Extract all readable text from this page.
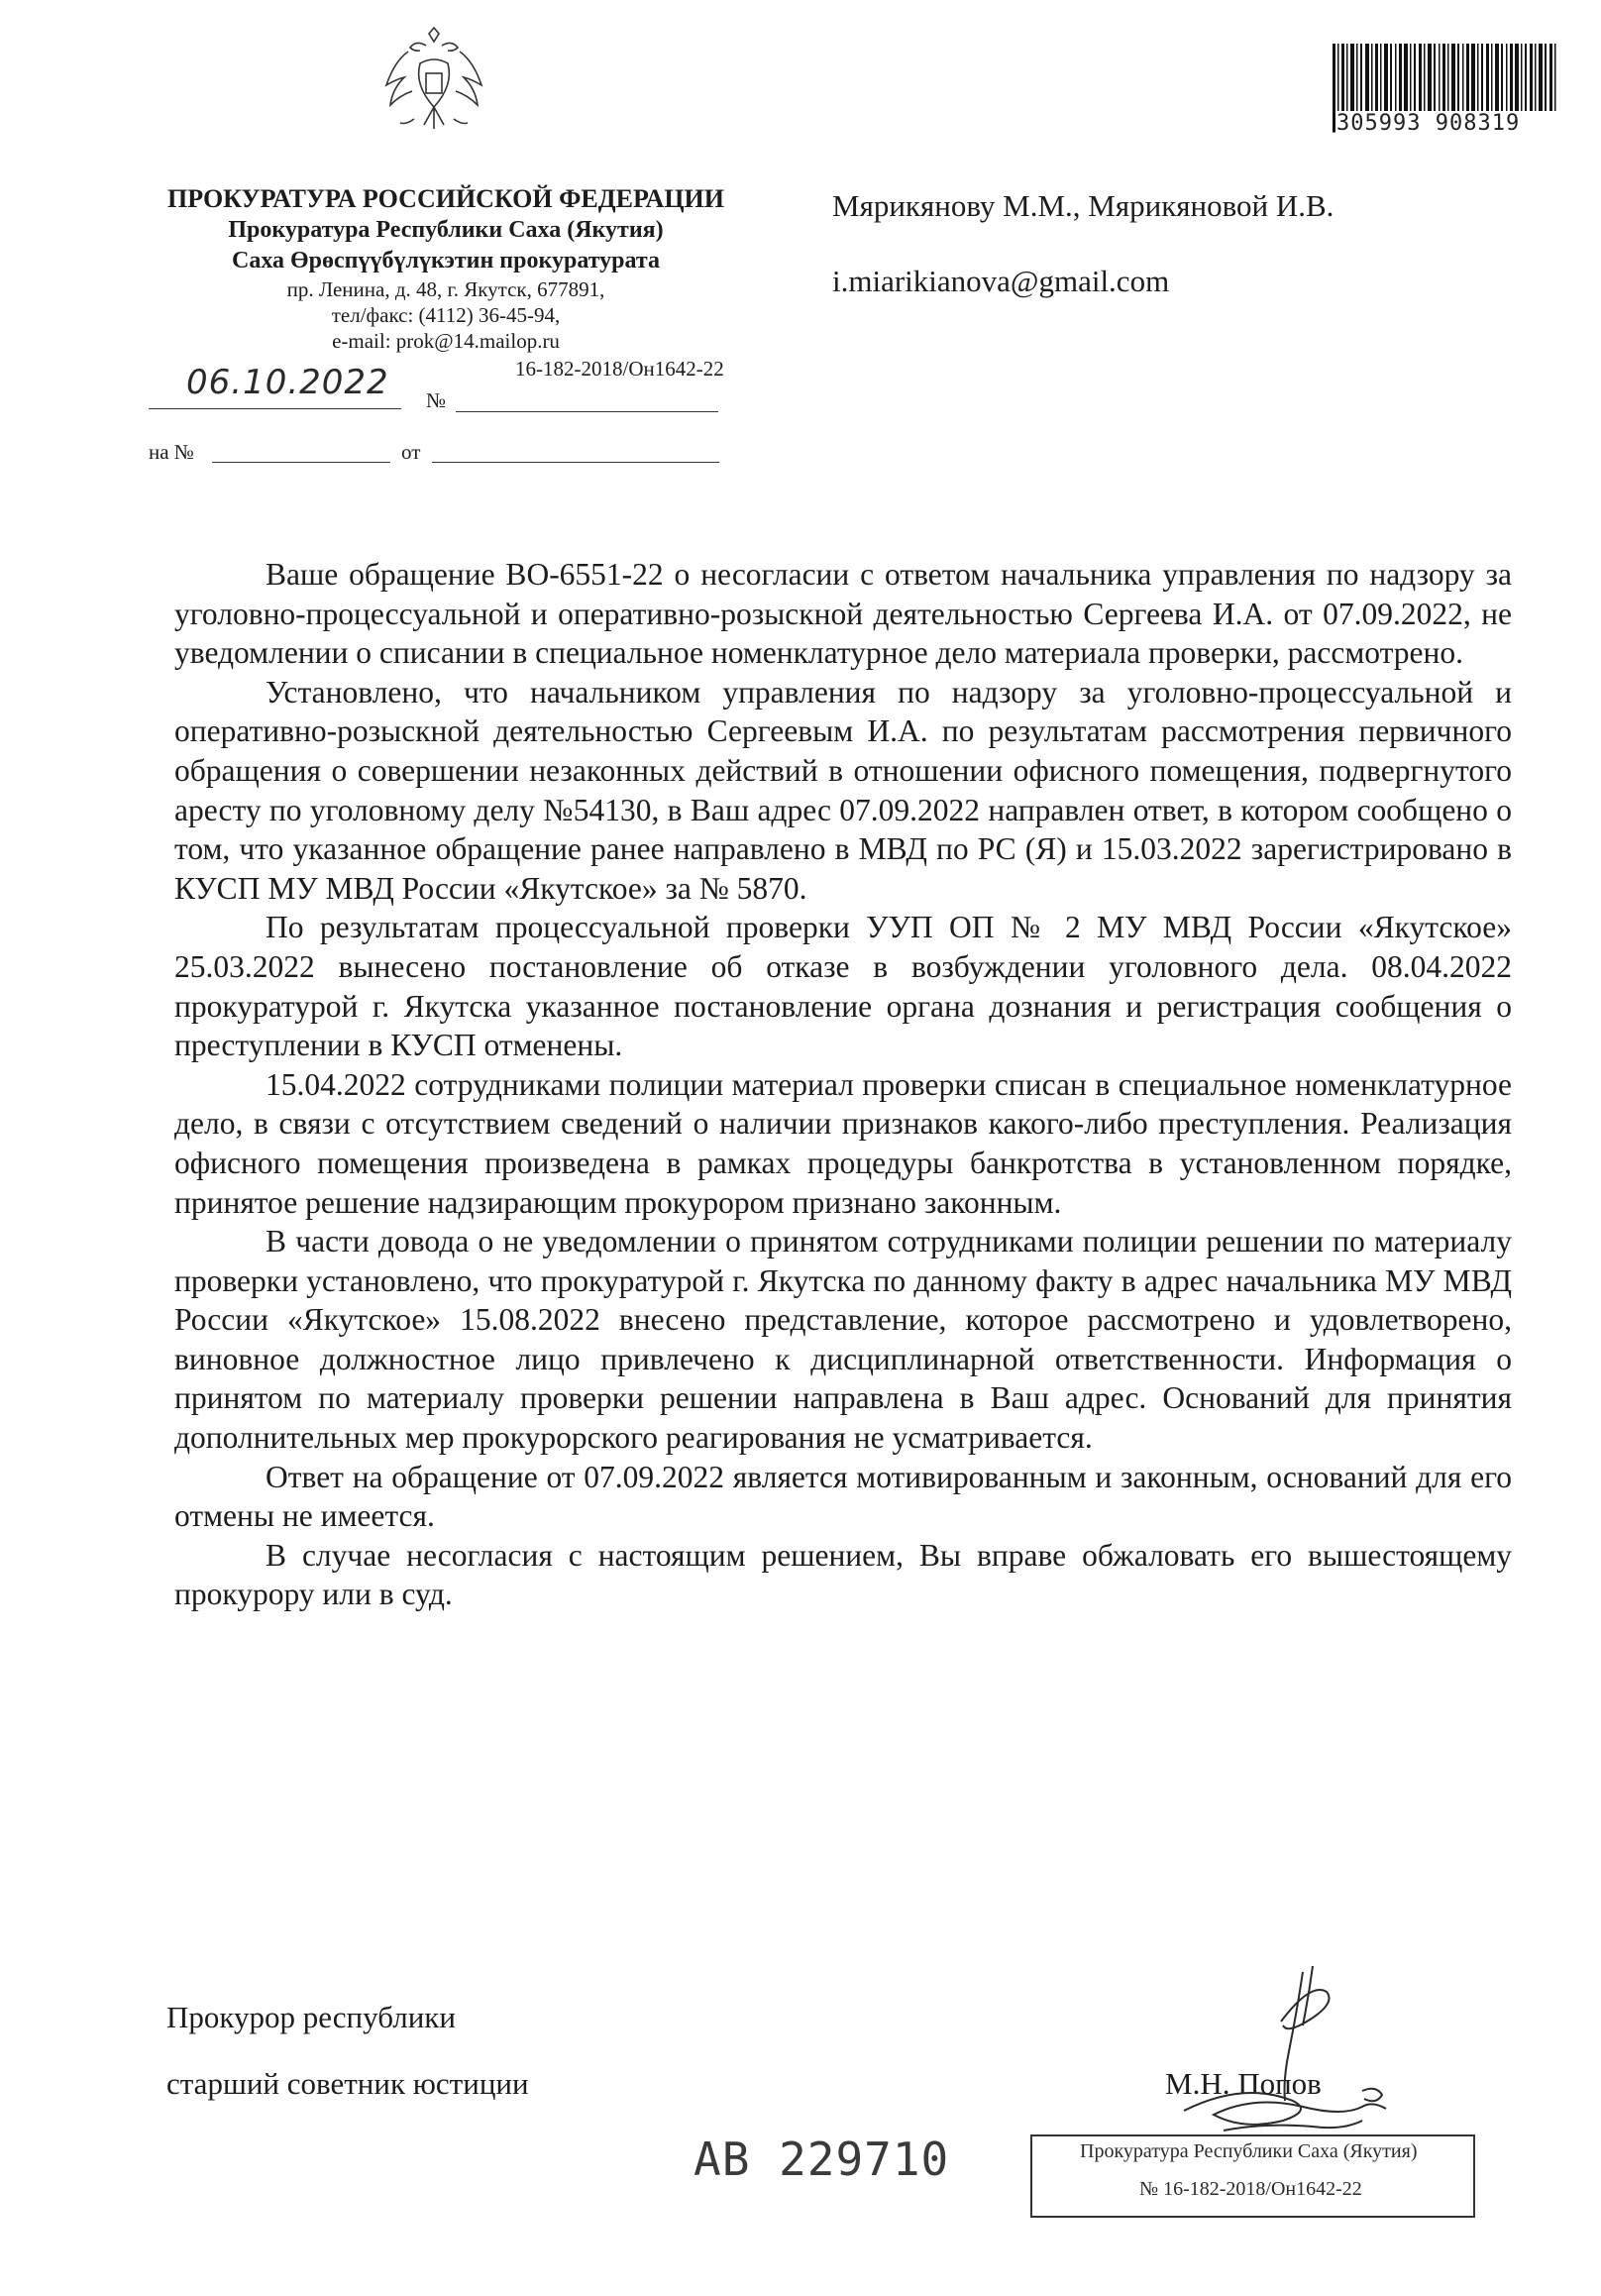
305993 908319
ПРОКУРАТУРА РОССИЙСКОЙ ФЕДЕРАЦИИ
Прокуратура Республики Саха (Якутия)
Саха Өрөспүүбүлүкэтин прокуратурата
пр. Ленина, д. 48, г. Якутск, 677891,
тел/факс: (4112) 36-45-94,
e-mail: prok@14.mailop.ru
16-182-2018/Он1642-22
06.10.2022 №
на №	от
Мярикянову М.М., Мярикяновой И.В.
i.miarikianova@gmail.com

Ваше обращение ВО-6551-22 о несогласии с ответом начальника управления по надзору за уголовно-процессуальной и оперативно-розыскной деятельностью Сергеева И.А. от 07.09.2022, не уведомлении о списании в специальное номенклатурное дело материала проверки, рассмотрено.

Установлено, что начальником управления по надзору за уголовно-процессуальной и оперативно-розыскной деятельностью Сергеевым И.А. по результатам рассмотрения первичного обращения о совершении незаконных действий в отношении офисного помещения, подвергнутого аресту по уголовному делу №54130, в Ваш адрес 07.09.2022 направлен ответ, в котором сообщено о том, что указанное обращение ранее направлено в МВД по РС (Я) и 15.03.2022 зарегистрировано в КУСП МУ МВД России «Якутское» за № 5870.

По результатам процессуальной проверки УУП ОП № 2 МУ МВД России «Якутское» 25.03.2022 вынесено постановление об отказе в возбуждении уголовного дела. 08.04.2022 прокуратурой г. Якутска указанное постановление органа дознания и регистрация сообщения о преступлении в КУСП отменены.

15.04.2022 сотрудниками полиции материал проверки списан в специальное номенклатурное дело, в связи с отсутствием сведений о наличии признаков какого-либо преступления. Реализация офисного помещения произведена в рамках процедуры банкротства в установленном порядке, принятое решение надзирающим прокурором признано законным.

В части довода о не уведомлении о принятом сотрудниками полиции решении по материалу проверки установлено, что прокуратурой г. Якутска по данному факту в адрес начальника МУ МВД России «Якутское» 15.08.2022 внесено представление, которое рассмотрено и удовлетворено, виновное должностное лицо привлечено к дисциплинарной ответственности. Информация о принятом по материалу проверки решении направлена в Ваш адрес. Оснований для принятия дополнительных мер прокурорского реагирования не усматривается.

Ответ на обращение от 07.09.2022 является мотивированным и законным, оснований для его отмены не имеется.

В случае несогласия с настоящим решением, Вы вправе обжаловать его вышестоящему прокурору или в суд.

Прокурор республики
старший советник юстиции	М.Н. Попов
АВ 229710	Прокуратура Республики Саха (Якутия)
№ 16-182-2018/Он1642-22
